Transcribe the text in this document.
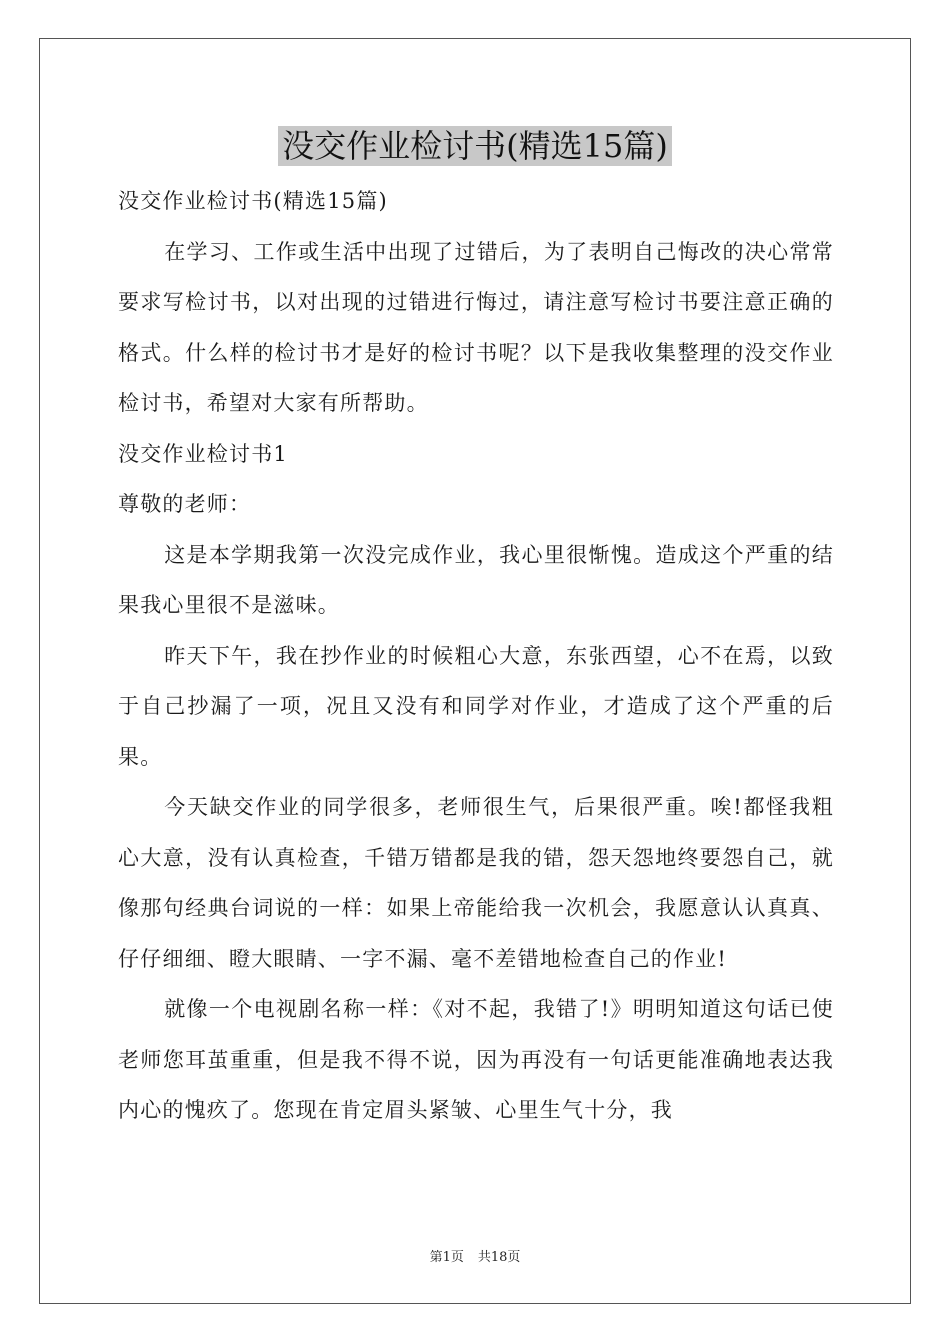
没交作业检讨书(精选15篇)

没交作业检讨书(精选15篇)

在学习、工作或生活中出现了过错后，为了表明自己悔改的决心常常要求写检讨书，以对出现的过错进行悔过，请注意写检讨书要注意正确的格式。什么样的检讨书才是好的检讨书呢？以下是我收集整理的没交作业检讨书，希望对大家有所帮助。

没交作业检讨书1

尊敬的老师：

这是本学期我第一次没完成作业，我心里很惭愧。造成这个严重的结果我心里很不是滋味。

昨天下午，我在抄作业的时候粗心大意，东张西望，心不在焉，以致于自己抄漏了一项，况且又没有和同学对作业，才造成了这个严重的后果。

今天缺交作业的同学很多，老师很生气，后果很严重。唉!都怪我粗心大意，没有认真检查，千错万错都是我的错，怨天怨地终要怨自己，就像那句经典台词说的一样：如果上帝能给我一次机会，我愿意认认真真、仔仔细细、瞪大眼睛、一字不漏、毫不差错地检查自己的作业!

就像一个电视剧名称一样：《对不起，我错了!》明明知道这句话已使老师您耳茧重重，但是我不得不说，因为再没有一句话更能准确地表达我内心的愧疚了。您现在肯定眉头紧皱、心里生气十分，我

第1页 共18页
